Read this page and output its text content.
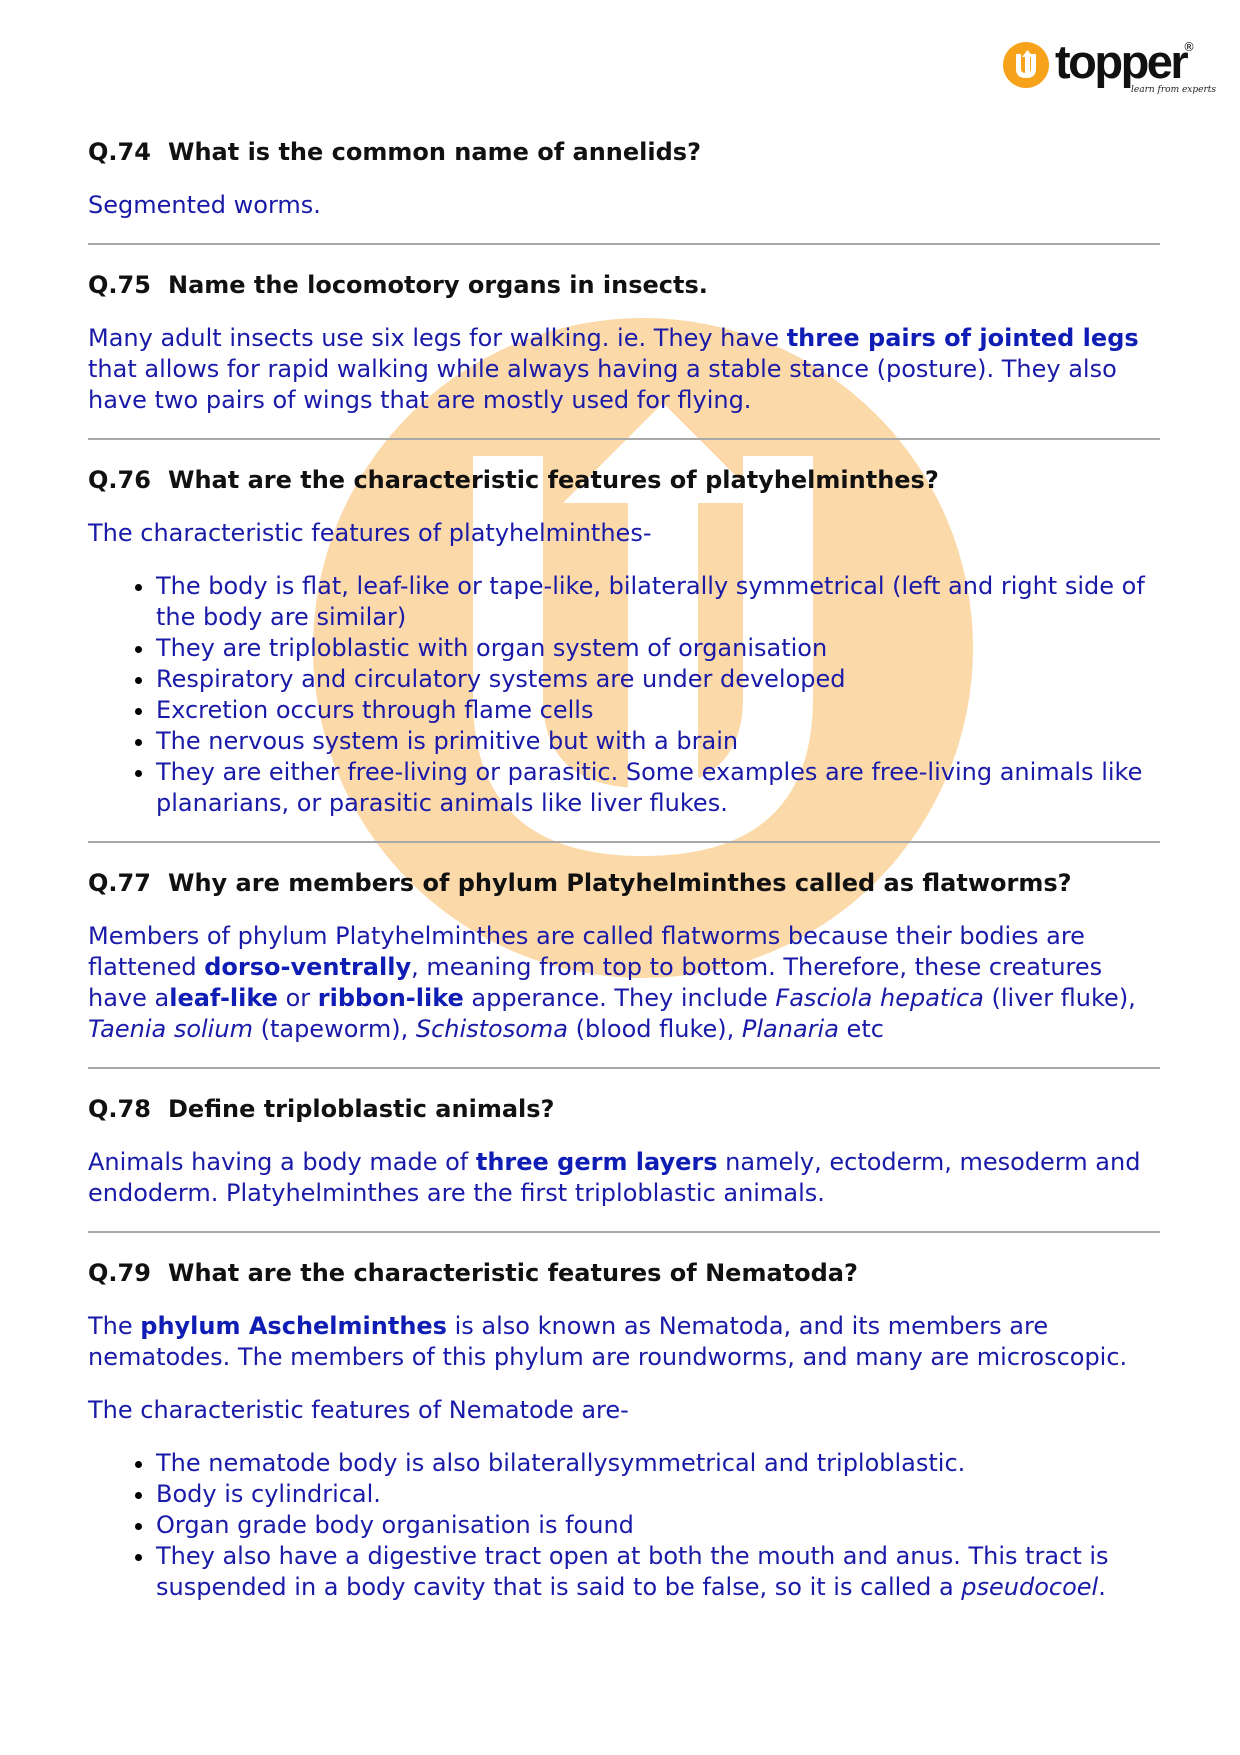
topper
®
learn from experts
Q.74 What is the common name of annelids?
Segmented worms.
Q.75 Name the locomotory organs in insects.
Many adult insects use six legs for walking. ie. They have three pairs of jointed legs that allows for rapid walking while always having a stable stance (posture). They also have two pairs of wings that are mostly used for flying.
Q.76 What are the characteristic features of platyhelminthes?
The characteristic features of platyhelminthes-
• The body is flat, leaf-like or tape-like, bilaterally symmetrical (left and right side of the body are similar)
• They are triploblastic with organ system of organisation
• Respiratory and circulatory systems are under developed
• Excretion occurs through flame cells
• The nervous system is primitive but with a brain
• They are either free-living or parasitic. Some examples are free-living animals like planarians, or parasitic animals like liver flukes.
Q.77 Why are members of phylum Platyhelminthes called as flatworms?
Members of phylum Platyhelminthes are called flatworms because their bodies are flattened dorso-ventrally, meaning from top to bottom. Therefore, these creatures have aleaf-like or ribbon-like apperance. They include Fasciola hepatica (liver fluke), Taenia solium (tapeworm), Schistosoma (blood fluke), Planaria etc
Q.78 Define triploblastic animals?
Animals having a body made of three germ layers namely, ectoderm, mesoderm and endoderm. Platyhelminthes are the first triploblastic animals.
Q.79 What are the characteristic features of Nematoda?
The phylum Aschelminthes is also known as Nematoda, and its members are nematodes. The members of this phylum are roundworms, and many are microscopic.
The characteristic features of Nematode are-
• The nematode body is also bilaterallysymmetrical and triploblastic.
• Body is cylindrical.
• Organ grade body organisation is found
• They also have a digestive tract open at both the mouth and anus. This tract is suspended in a body cavity that is said to be false, so it is called a pseudocoel.
